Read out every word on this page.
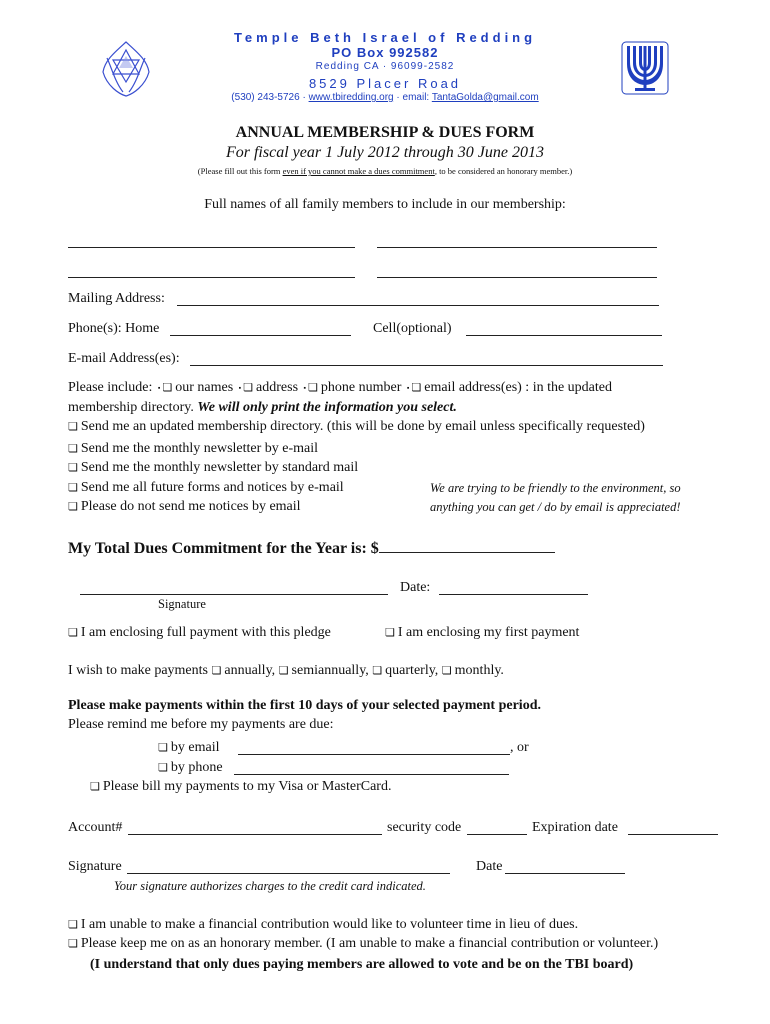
Temple Beth Israel of Redding
PO Box 992582
Redding CA · 96099-2582
8529 Placer Road
(530) 243-5726 · www.tbiredding.org · email: TantaGolda@gmail.com
ANNUAL MEMBERSHIP & DUES FORM
For fiscal year 1 July 2012 through 30 June 2013
(Please fill out this form even if you cannot make a dues commitment, to be considered an honorary member.)
Full names of all family members to include in our membership:
Mailing Address:
Phone(s): Home	Cell(optional)
E-mail Address(es):
Please include: ▪ ❏ our names ▪ ❏ address ▪ ❏ phone number ▪ ❏ email address(es) : in the updated
membership directory. We will only print the information you select.
❏ Send me an updated membership directory. (this will be done by email unless specifically requested)
❏ Send me the monthly newsletter by e-mail
❏ Send me the monthly newsletter by standard mail
❏ Send me all future forms and notices by e-mail
❏ Please do not send me notices by email
We are trying to be friendly to the environment, so
anything you can get / do by email is appreciated!
My Total Dues Commitment for the Year is: $
Date:
Signature
❏ I am enclosing full payment with this pledge	❏ I am enclosing my first payment
I wish to make payments ❏ annually, ❏ semiannually, ❏ quarterly, ❏ monthly.
Please make payments within the first 10 days of your selected payment period.
Please remind me before my payments are due:
❏ by email	, or
❏ by phone
❏ Please bill my payments to my Visa or MasterCard.
Account#	security code	Expiration date
Signature	Date
Your signature authorizes charges to the credit card indicated.
❏ I am unable to make a financial contribution would like to volunteer time in lieu of dues.
❏ Please keep me on as an honorary member. (I am unable to make a financial contribution or volunteer.)
(I understand that only dues paying members are allowed to vote and be on the TBI board)
